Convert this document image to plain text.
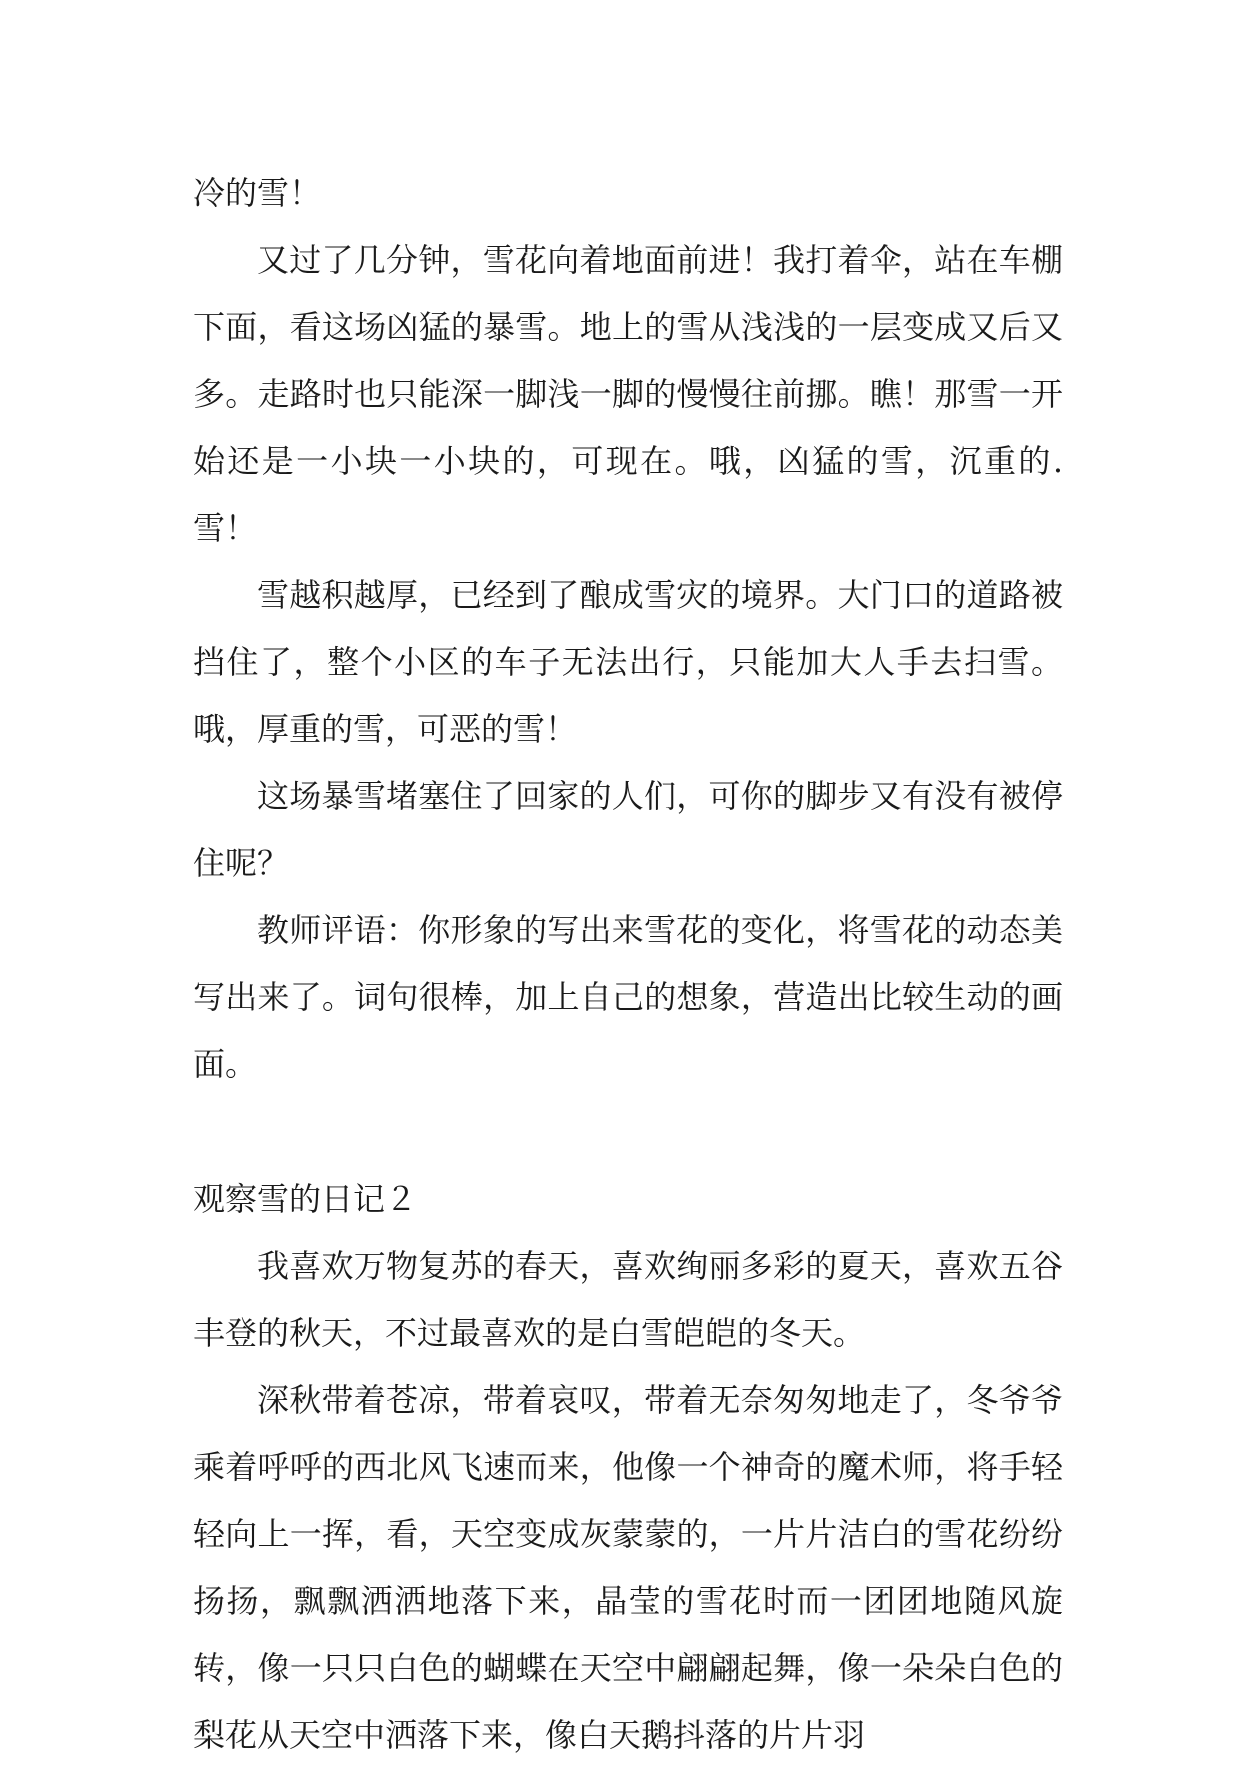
冷的雪！

又过了几分钟，雪花向着地面前进！我打着伞，站在车棚下面，看这场凶猛的暴雪。地上的雪从浅浅的一层变成又后又多。走路时也只能深一脚浅一脚的慢慢往前挪。瞧！那雪一开始还是一小块一小块的，可现在。哦，凶猛的雪，沉重的.雪！

雪越积越厚，已经到了酿成雪灾的境界。大门口的道路被挡住了，整个小区的车子无法出行，只能加大人手去扫雪。哦，厚重的雪，可恶的雪！

这场暴雪堵塞住了回家的人们，可你的脚步又有没有被停住呢？

教师评语：你形象的写出来雪花的变化，将雪花的动态美写出来了。词句很棒，加上自己的想象，营造出比较生动的画面。

观察雪的日记２

我喜欢万物复苏的春天，喜欢绚丽多彩的夏天，喜欢五谷丰登的秋天，不过最喜欢的是白雪皑皑的冬天。

深秋带着苍凉，带着哀叹，带着无奈匆匆地走了，冬爷爷乘着呼呼的西北风飞速而来，他像一个神奇的魔术师，将手轻轻向上一挥，看，天空变成灰蒙蒙的，一片片洁白的雪花纷纷扬扬，飘飘洒洒地落下来，晶莹的雪花时而一团团地随风旋转，像一只只白色的蝴蝶在天空中翩翩起舞，像一朵朵白色的梨花从天空中洒落下来，像白天鹅抖落的片片羽
